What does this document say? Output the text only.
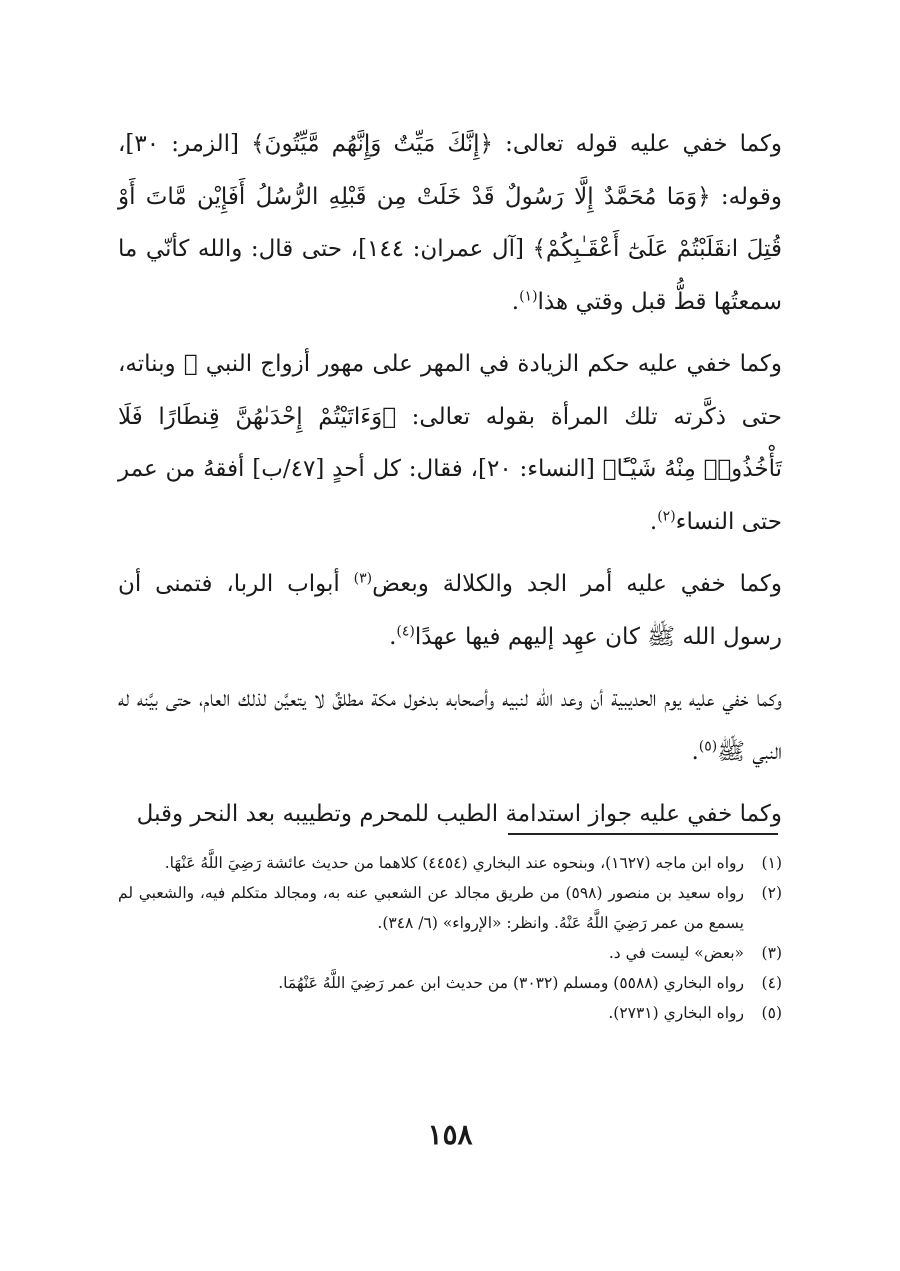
وكما خفي عليه قوله تعالى: ﴿إِنَّكَ مَيِّتٌ وَإِنَّهُم مَّيِّتُونَ﴾ [الزمر: ٣٠]، وقوله: ﴿وَمَا مُحَمَّدٌ إِلَّا رَسُولٌ قَدْ خَلَتْ مِن قَبْلِهِ الرُّسُلُ أَفَإِيْن مَّاتَ أَوْ قُتِلَ انقَلَبْتُمْ عَلَىٰٓ أَعْقَـٰبِكُمْ﴾ [آل عمران: ١٤٤]، حتى قال: والله كأنّي ما سمعتُها قطُّ قبل وقتي هذا$^{(١)}$.

وكما خفي عليه حكم الزيادة في المهر على مهور أزواج النبي ﷺ وبناته، حتى ذكَّرته تلك المرأة بقوله تعالى: ﴿وَءَاتَيْتُمْ إِحْدَىٰهُنَّ قِنطَارًا فَلَا تَأْخُذُوا۟ مِنْهُ شَيْـًٔا﴾ [النساء: ٢٠]، فقال: كل أحدٍ [٤٧/ب] أفقهُ من عمر حتى النساء$^{(٢)}$.

وكما خفي عليه أمر الجد والكلالة وبعض$^{(٣)}$ أبواب الربا، فتمنى أن رسول الله ﷺ كان عهِد إليهم فيها عهدًا$^{(٤)}$.

وكما خفي عليه يوم الحديبية أن وعد الله لنبيه وأصحابه بدخول مكة مطلقٌ لا يتعيَّن لذلك العام، حتى بيَّنه له النبي ﷺ$^{(٥)}$.

وكما خفي عليه جواز استدامة الطيب للمحرم وتطييبه بعد النحر وقبل

(١)
رواه ابن ماجه (١٦٢٧)، وبنحوه عند البخاري (٤٤٥٤) كلاهما من حديث عائشة رَضِيَ اللَّهُ عَنْهَا.
(٢)
رواه سعيد بن منصور (٥٩٨) من طريق مجالد عن الشعبي عنه به، ومجالد متكلم فيه، والشعبي لم يسمع من عمر رَضِيَ اللَّهُ عَنْهُ. وانظر: «الإرواء» (٦/ ٣٤٨).
(٣)
«بعض» ليست في د.
(٤)
رواه البخاري (٥٥٨٨) ومسلم (٣٠٣٢) من حديث ابن عمر رَضِيَ اللَّهُ عَنْهُمَا.
(٥)
رواه البخاري (٢٧٣١).
١٥٨
